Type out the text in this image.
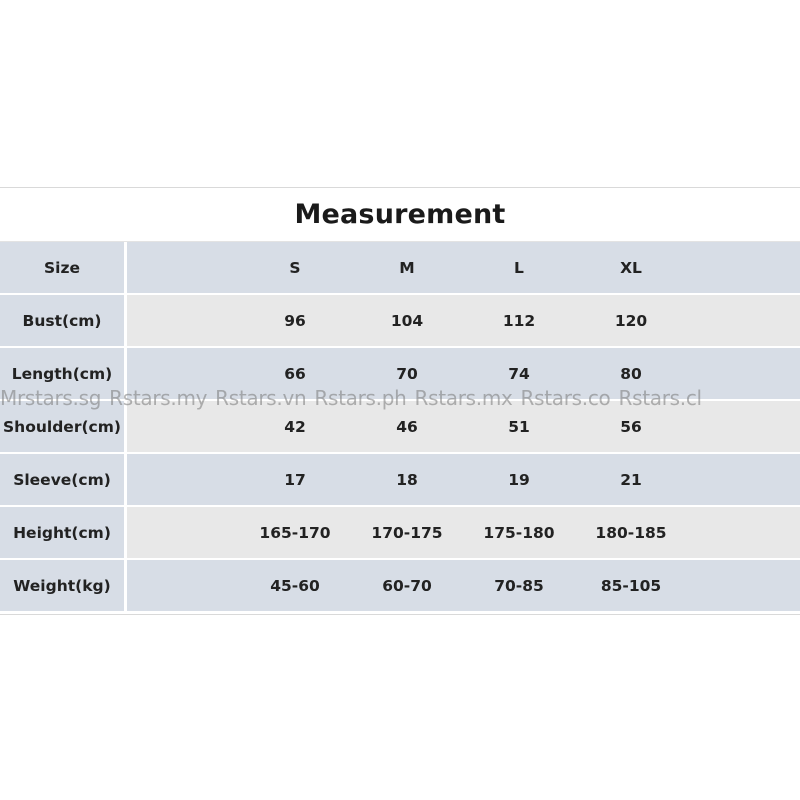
Measurement
Size	S	M	L	XL
Bust(cm)	96	104	112	120
Length(cm)	66	70	74	80
Shoulder(cm)	42	46	51	56
Sleeve(cm)	17	18	19	21
Height(cm)	165-170	170-175	175-180	180-185
Weight(kg)	45-60	60-70	70-85	85-105
Mrstars.sg Rstars.my Rstars.vn Rstars.ph Rstars.mx Rstars.co Rstars.cl
